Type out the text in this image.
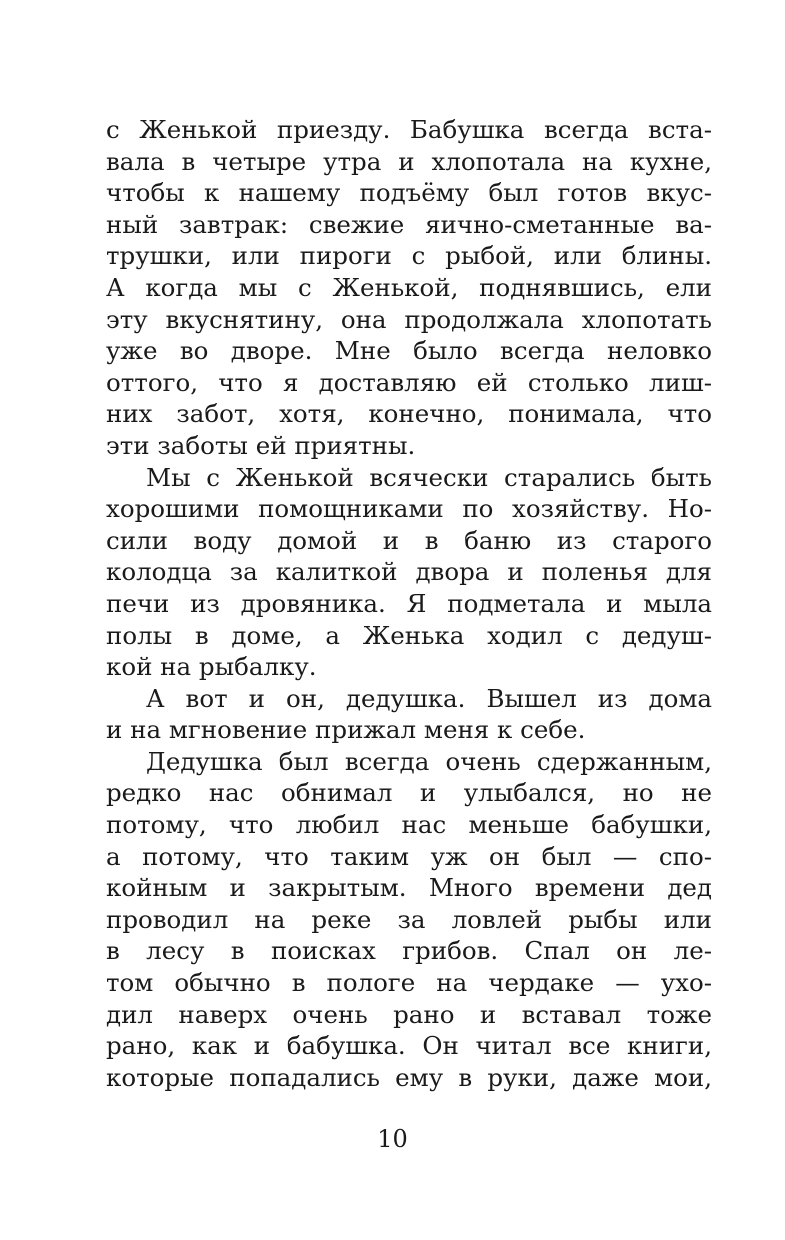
с Женькой приезду. Бабушка всегда вста-
вала в четыре утра и хлопотала на кухне,
чтобы к нашему подъёму был готов вкус-
ный завтрак: свежие яично-сметанные ва-
трушки, или пироги с рыбой, или блины.
А когда мы с Женькой, поднявшись, ели
эту вкуснятину, она продолжала хлопотать
уже во дворе. Мне было всегда неловко
оттого, что я доставляю ей столько лиш-
них забот, хотя, конечно, понимала, что
эти заботы ей приятны.
Мы с Женькой всячески старались быть
хорошими помощниками по хозяйству. Но-
сили воду домой и в баню из старого
колодца за калиткой двора и поленья для
печи из дровяника. Я подметала и мыла
полы в доме, а Женька ходил с дедуш-
кой на рыбалку.
А вот и он, дедушка. Вышел из дома
и на мгновение прижал меня к себе.
Дедушка был всегда очень сдержанным,
редко нас обнимал и улыбался, но не
потому, что любил нас меньше бабушки,
а потому, что таким уж он был — спо-
койным и закрытым. Много времени дед
проводил на реке за ловлей рыбы или
в лесу в поисках грибов. Спал он ле-
том обычно в пологе на чердаке — ухо-
дил наверх очень рано и вставал тоже
рано, как и бабушка. Он читал все книги,
которые попадались ему в руки, даже мои,
10
